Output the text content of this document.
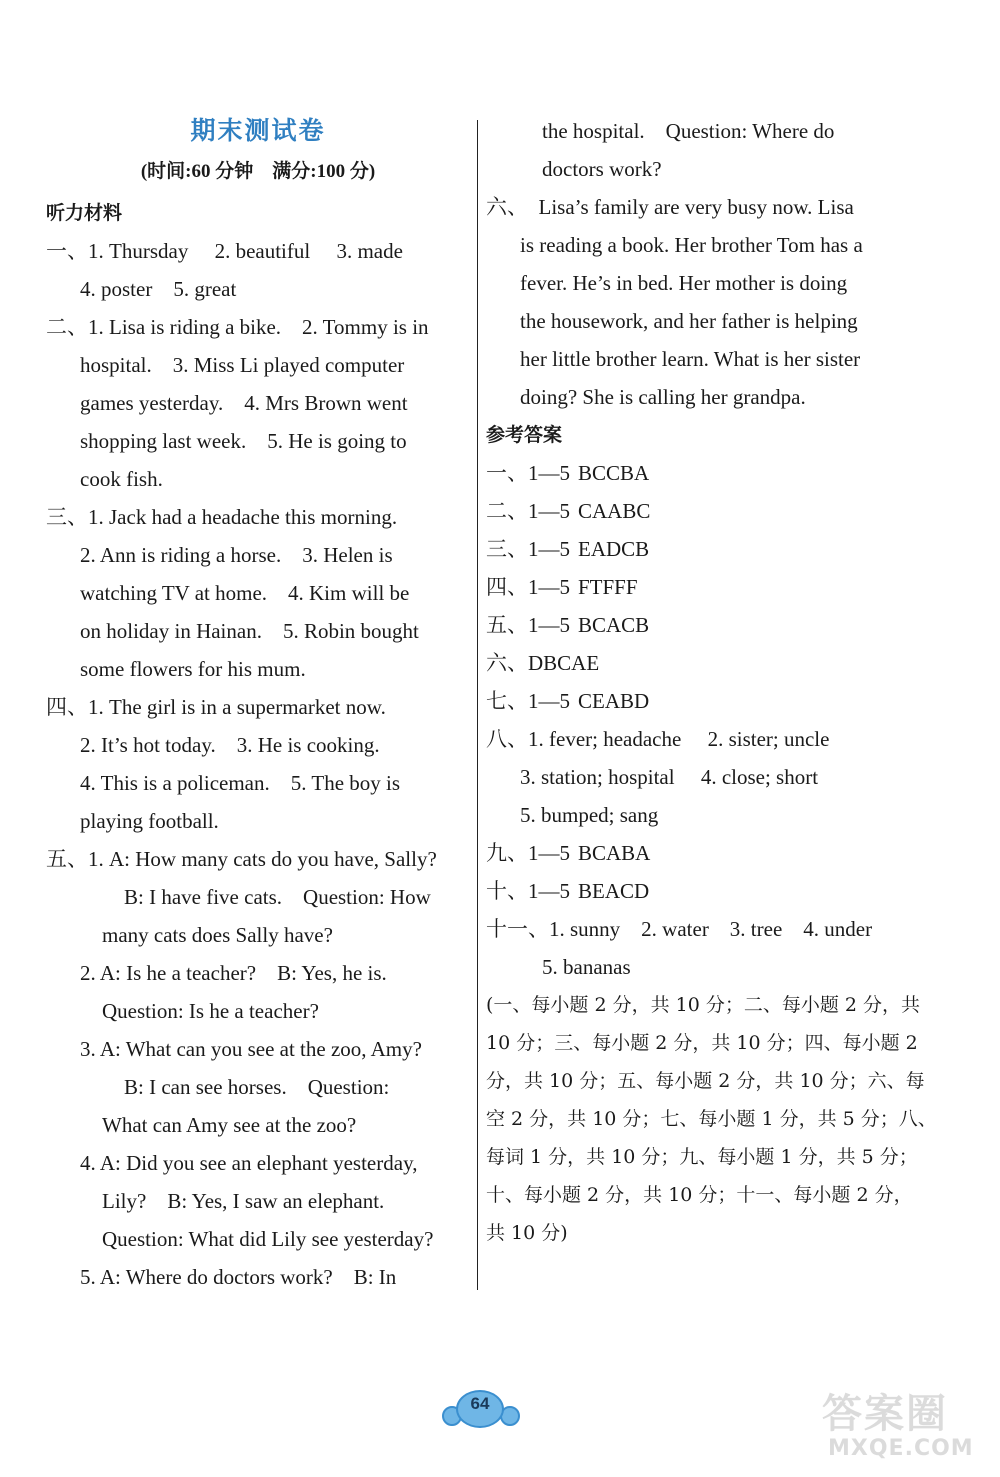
期末测试卷
(时间:60 分钟　满分:100 分)
听力材料
一、1. Thursday　 2. beautiful　 3. made
4. poster　5. great
二、1. Lisa is riding a bike.　2. Tommy is in
hospital.　3. Miss Li played computer
games yesterday.　4. Mrs Brown went
shopping last week.　5. He is going to
cook fish.
三、1. Jack had a headache this morning.
2. Ann is riding a horse.　3. Helen is
watching TV at home.　4. Kim will be
on holiday in Hainan.　5. Robin bought
some flowers for his mum.
四、1. The girl is in a supermarket now.
2. It’s hot today.　3. He is cooking.
4. This is a policeman.　5. The boy is
playing football.
五、1. A: How many cats do you have, Sally?
B: I have five cats.　Question: How
many cats does Sally have?
2. A: Is he a teacher?　B: Yes, he is.
Question: Is he a teacher?
3. A: What can you see at the zoo, Amy?
B: I can see horses.　Question:
What can Amy see at the zoo?
4. A: Did you see an elephant yesterday,
Lily?　B: Yes, I saw an elephant.
Question: What did Lily see yesterday?
5. A: Where do doctors work?　B: In
the hospital.　Question: Where do
doctors work?
六、　Lisa’s family are very busy now. Lisa
is reading a book. Her brother Tom has a
fever. He’s in bed. Her mother is doing
the housework, and her father is helping
her little brother learn. What is her sister
doing? She is calling her grandpa.
参考答案
一、1—5 BCCBA
二、1—5 CAABC
三、1—5 EADCB
四、1—5 FTFFF
五、1—5 BCACB
六、DBCAE
七、1—5 CEABD
八、1. fever; headache　 2. sister; uncle
3. station; hospital　 4. close; short
5. bumped; sang
九、1—5 BCABA
十、1—5 BEACD
十一、1. sunny　2. water　3. tree　4. under
5. bananas
(一、每小题 2 分，共 10 分；二、每小题 2 分，共
10 分；三、每小题 2 分，共 10 分；四、每小题 2
分，共 10 分；五、每小题 2 分，共 10 分；六、每
空 2 分，共 10 分；七、每小题 1 分，共 5 分；八、
每词 1 分，共 10 分；九、每小题 1 分，共 5 分；
十、每小题 2 分，共 10 分；十一、每小题 2 分，
共 10 分)
64	答案圈
MXQE.COM
